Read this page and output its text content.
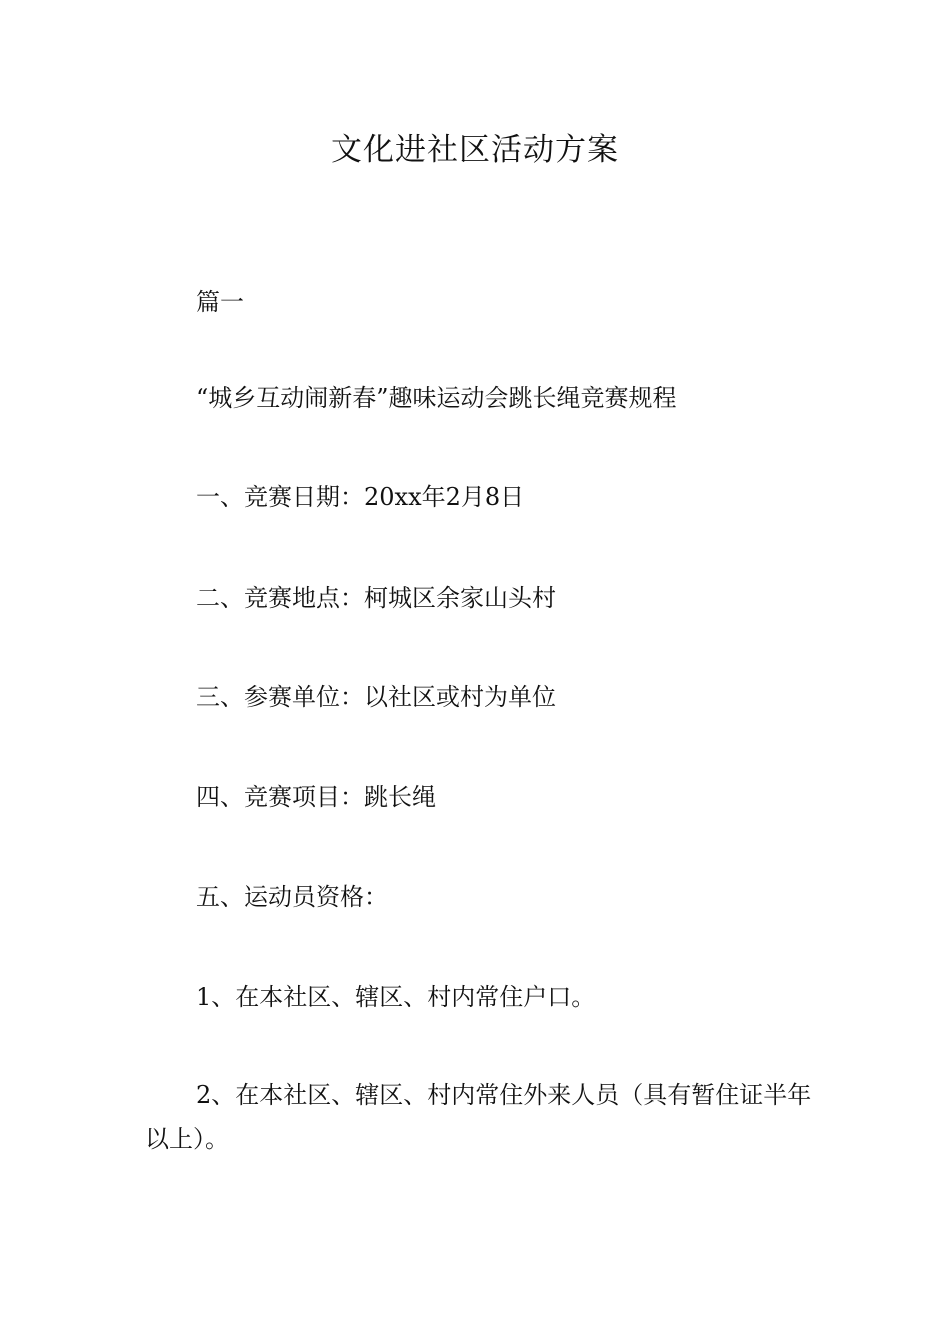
文化进社区活动方案
篇一
“城乡互动闹新春”趣味运动会跳长绳竞赛规程
一、竞赛日期：20xx年2月8日
二、竞赛地点：柯城区余家山头村
三、参赛单位：以社区或村为单位
四、竞赛项目：跳长绳
五、运动员资格：
1、在本社区、辖区、村内常住户口。
2、在本社区、辖区、村内常住外来人员（具有暂住证半年以上）。
